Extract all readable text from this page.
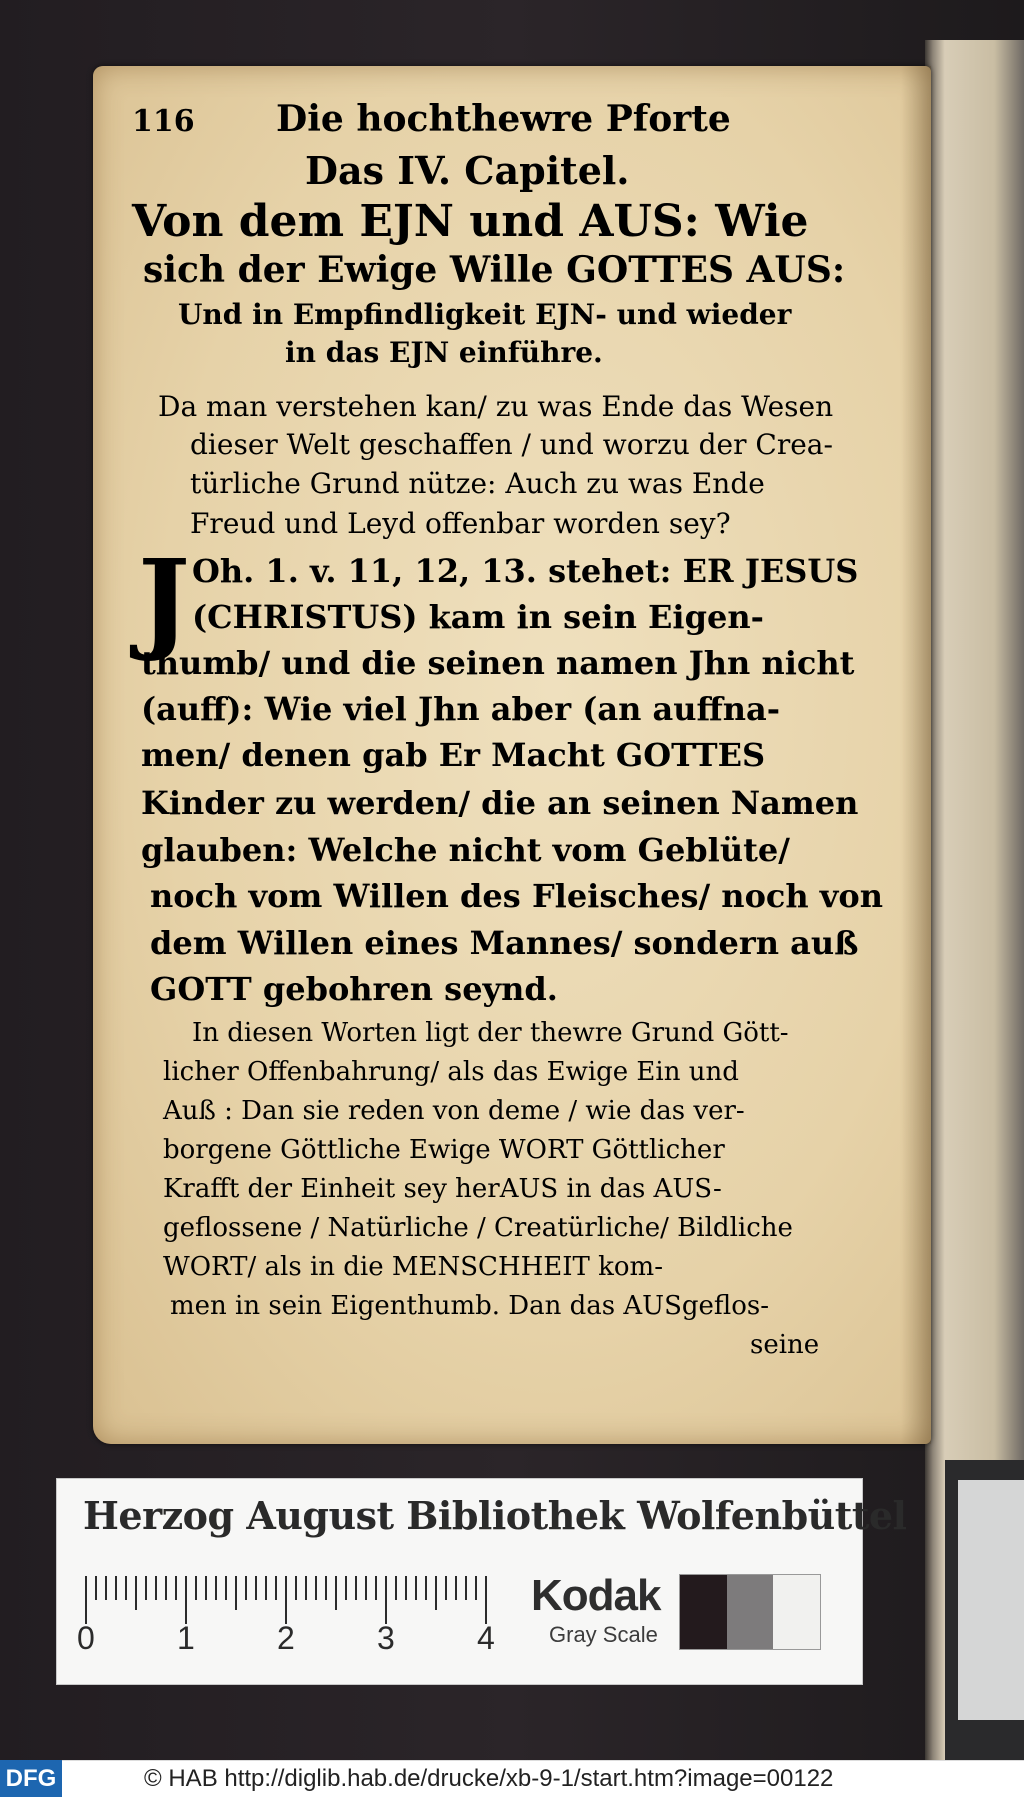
116 Die hochthewre Pforte
Das IV. Capitel.
Von dem EJN und AUS: Wie
sich der Ewige Wille GOTTES AUS:
Und in Empfindligkeit EJN- und wieder
in das EJN einführe.
Da man verstehen kan/ zu was Ende das Wesen
dieser Welt geschaffen / und worzu der Crea-
türliche Grund nütze: Auch zu was Ende
Freud und Leyd offenbar worden sey?
J Oh. 1. v. 11, 12, 13. stehet: ER JESUS
(CHRISTUS) kam in sein Eigen-
thumb/ und die seinen namen Jhn nicht
(auff): Wie viel Jhn aber (an auffna-
men/ denen gab Er Macht GOTTES
Kinder zu werden/ die an seinen Namen
glauben: Welche nicht vom Geblüte/
noch vom Willen des Fleisches/ noch von
dem Willen eines Mannes/ sondern auß
GOTT gebohren seynd.
In diesen Worten ligt der thewre Grund Gött-
licher Offenbahrung/ als das Ewige Ein und
Auß : Dan sie reden von deme / wie das ver-
borgene Göttliche Ewige WORT Göttlicher
Krafft der Einheit sey herAUS in das AUS-
geflossene / Natürliche / Creatürliche/ Bildliche
WORT/ als in die MENSCHHEIT kom-
men in sein Eigenthumb. Dan das AUSgeflos-
seine
Herzog August Bibliothek Wolfenbüttel
0	1	2	3	4
Kodak
Gray Scale
DFG	© HAB http://diglib.hab.de/drucke/xb-9-1/start.htm?image=00122
